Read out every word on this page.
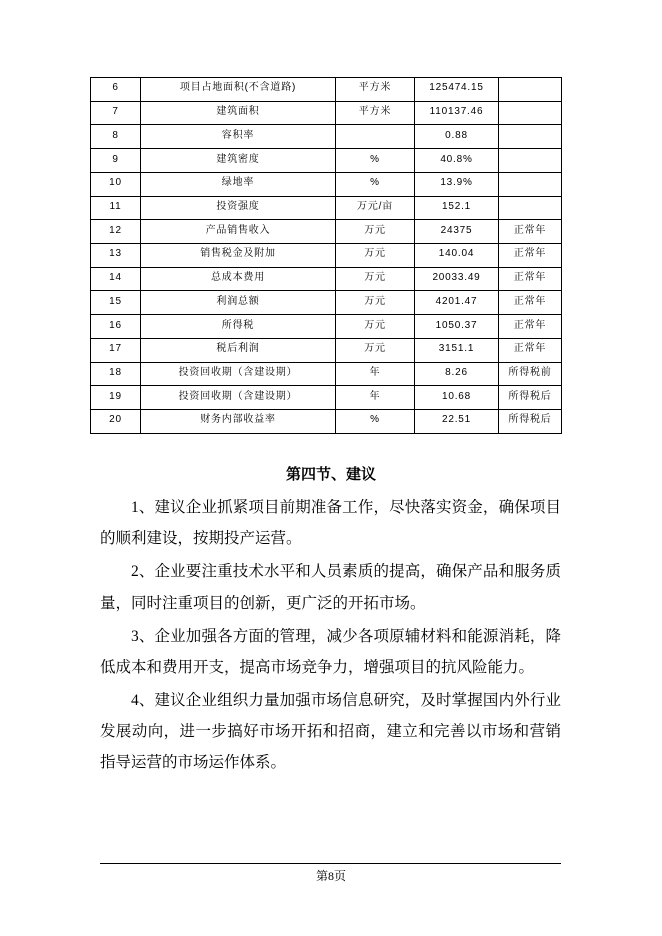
6	项目占地面积(不含道路)	平方米	125474.15	
7	建筑面积	平方米	110137.46	
8	容积率		0.88	
9	建筑密度	%	40.8%	
10	绿地率	%	13.9%	
11	投资强度	万元/亩	152.1	
12	产品销售收入	万元	24375	正常年
13	销售税金及附加	万元	140.04	正常年
14	总成本费用	万元	20033.49	正常年
15	利润总额	万元	4201.47	正常年
16	所得税	万元	1050.37	正常年
17	税后利润	万元	3151.1	正常年
18	投资回收期（含建设期）	年	8.26	所得税前
19	投资回收期（含建设期）	年	10.68	所得税后
20	财务内部收益率	%	22.51	所得税后
第四节、建议

1、建议企业抓紧项目前期准备工作，尽快落实资金，确保项目的顺利建设，按期投产运营。

2、企业要注重技术水平和人员素质的提高，确保产品和服务质量，同时注重项目的创新，更广泛的开拓市场。

3、企业加强各方面的管理，减少各项原辅材料和能源消耗，降低成本和费用开支，提高市场竞争力，增强项目的抗风险能力。

4、建议企业组织力量加强市场信息研究，及时掌握国内外行业发展动向，进一步搞好市场开拓和招商，建立和完善以市场和营销指导运营的市场运作体系。

第8页
